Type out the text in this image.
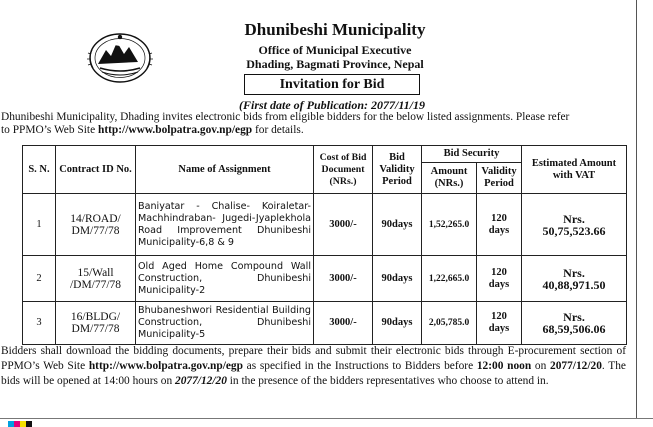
Dhunibeshi Municipality
Office of Municipal Executive
Dhading, Bagmati Province, Nepal
Invitation for Bid
(First date of Publication: 2077/11/19
Dhunibeshi Municipality, Dhading invites electronic bids from eligible bidders for the below listed assignments. Please refer
to PPMO’s Web Site http://www.bolpatra.gov.np/egp for details.
S. N.	Contract ID No.	Name of Assignment	Cost of Bid Document (NRs.)	Bid Validity Period	Bid Security		Estimated Amount with VAT
					Amount (NRs.)	Validity Period	
1	14/ROAD/ DM/77/78	Baniyatar - Chalise- Koiraletar-Machhindraban- Jugedi-Jyaplekhola Road Improvement Dhunibeshi Municipality-6,8 & 9	3000/-	90days	1,52,265.0	120 days	Nrs.
50,75,523.66

2	15/Wall /DM/77/78	Old Aged Home Compound Wall Construction, Dhunibeshi Municipality-2	3000/-	90days	1,22,665.0	120 days	Nrs.
40,88,971.50

3	16/BLDG/ DM/77/78	Bhubaneshwori Residential Building Construction, Dhunibeshi Municipality-5	3000/-	90days	2,05,785.0	120 days	Nrs.
68,59,506.06
Bidders shall download the bidding documents, prepare their bids and submit their electronic bids through E-procurement section of PPMO’s Web Site http://www.bolpatra.gov.np/egp as specified in the Instructions to Bidders before 12:00 noon on 2077/12/20. The bids will be opened at 14:00 hours on 2077/12/20 in the presence of the bidders representatives who choose to attend in.
